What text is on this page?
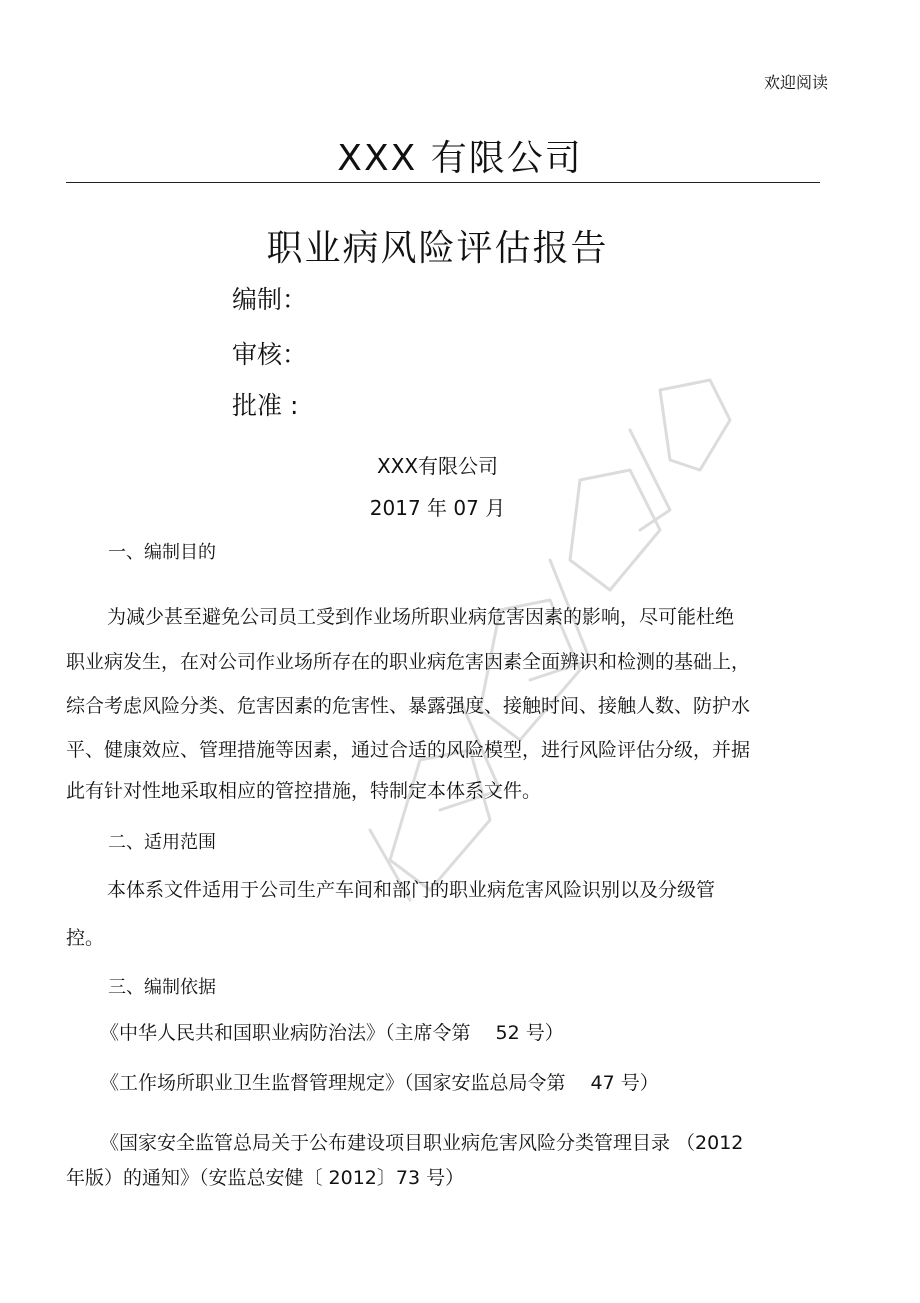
欢迎阅读
XXX 有限公司
职业病风险评估报告
编制：
审核：
批准 :
XXX有限公司
2017 年 07 月
一、编制目的
为减少甚至避免公司员工受到作业场所职业病危害因素的影响，尽可能杜绝
职业病发生，在对公司作业场所存在的职业病危害因素全面辨识和检测的基础上，
综合考虑风险分类、危害因素的危害性、暴露强度、接触时间、接触人数、防护水
平、健康效应、管理措施等因素，通过合适的风险模型，进行风险评估分级，并据
此有针对性地采取相应的管控措施，特制定本体系文件。
二、适用范围
本体系文件适用于公司生产车间和部门的职业病危害风险识别以及分级管
控。
三、编制依据
《中华人民共和国职业病防治法》（主席令第　 52 号）
《工作场所职业卫生监督管理规定》（国家安监总局令第　 47 号）
《国家安全监管总局关于公布建设项目职业病危害风险分类管理目录 （2012
年版）的通知》（安监总安健〔 2012〕73 号）
